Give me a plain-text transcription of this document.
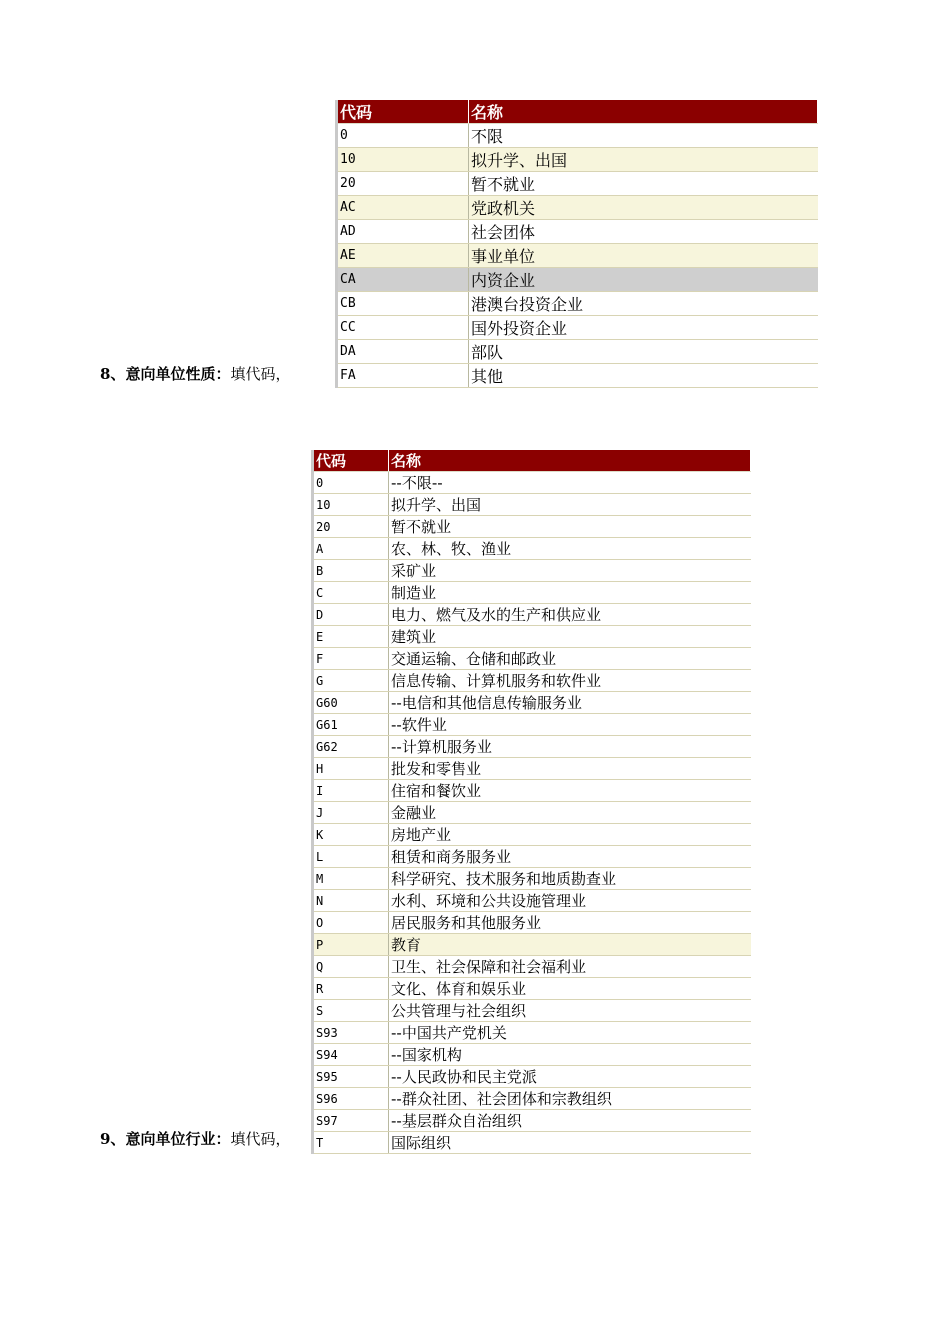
8、意向单位性质：填代码，
代码	名称
0	不限
10	拟升学、出国
20	暂不就业
AC	党政机关
AD	社会团体
AE	事业单位
CA	内资企业
CB	港澳台投资企业
CC	国外投资企业
DA	部队
FA	其他
9、意向单位行业：填代码，
代码	名称
0	--不限--
10	拟升学、出国
20	暂不就业
A	农、林、牧、渔业
B	采矿业
C	制造业
D	电力、燃气及水的生产和供应业
E	建筑业
F	交通运输、仓储和邮政业
G	信息传输、计算机服务和软件业
G60	--电信和其他信息传输服务业
G61	--软件业
G62	--计算机服务业
H	批发和零售业
I	住宿和餐饮业
J	金融业
K	房地产业
L	租赁和商务服务业
M	科学研究、技术服务和地质勘查业
N	水利、环境和公共设施管理业
O	居民服务和其他服务业
P	教育
Q	卫生、社会保障和社会福利业
R	文化、体育和娱乐业
S	公共管理与社会组织
S93	--中国共产党机关
S94	--国家机构
S95	--人民政协和民主党派
S96	--群众社团、社会团体和宗教组织
S97	--基层群众自治组织
T	国际组织
